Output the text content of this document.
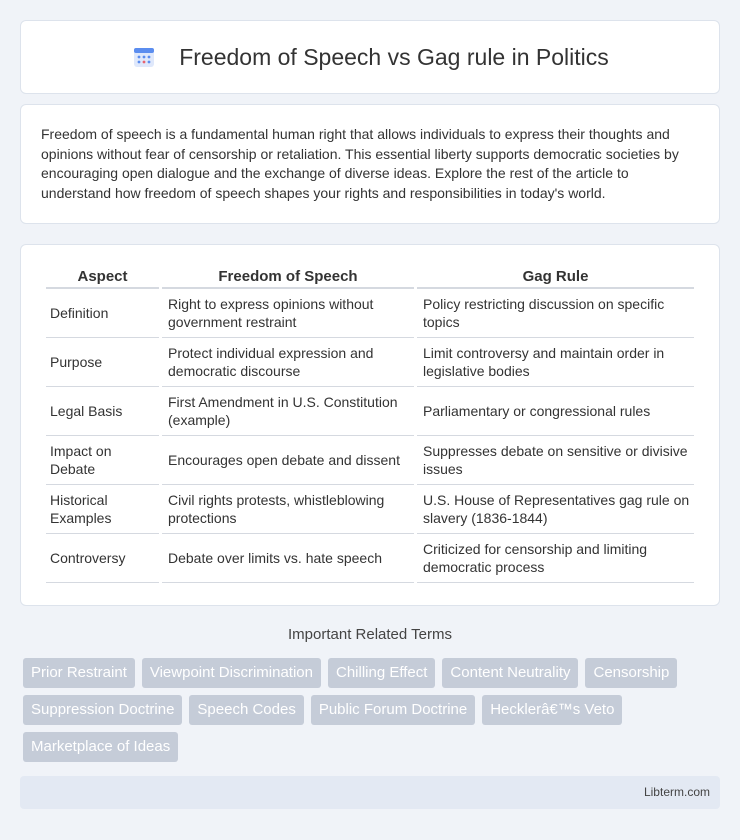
Freedom of Speech vs Gag rule in Politics

Freedom of speech is a fundamental human right that allows individuals to express their thoughts and opinions without fear of censorship or retaliation. This essential liberty supports democratic societies by encouraging open dialogue and the exchange of diverse ideas. Explore the rest of the article to understand how freedom of speech shapes your rights and responsibilities in today's world.

Aspect	Freedom of Speech	Gag Rule
Definition	Right to express opinions without government restraint	Policy restricting discussion on specific topics
Purpose	Protect individual expression and democratic discourse	Limit controversy and maintain order in legislative bodies
Legal Basis	First Amendment in U.S. Constitution (example)	Parliamentary or congressional rules
Impact on Debate	Encourages open debate and dissent	Suppresses debate on sensitive or divisive issues
Historical Examples	Civil rights protests, whistleblowing protections	U.S. House of Representatives gag rule on slavery (1836-1844)
Controversy	Debate over limits vs. hate speech	Criticized for censorship and limiting democratic process
Important Related Terms
Prior Restraint	Viewpoint Discrimination	Chilling Effect	Content Neutrality	Censorship
Suppression Doctrine	Speech Codes	Public Forum Doctrine	Hecklerâ€™s Veto
Marketplace of Ideas
Libterm.com
